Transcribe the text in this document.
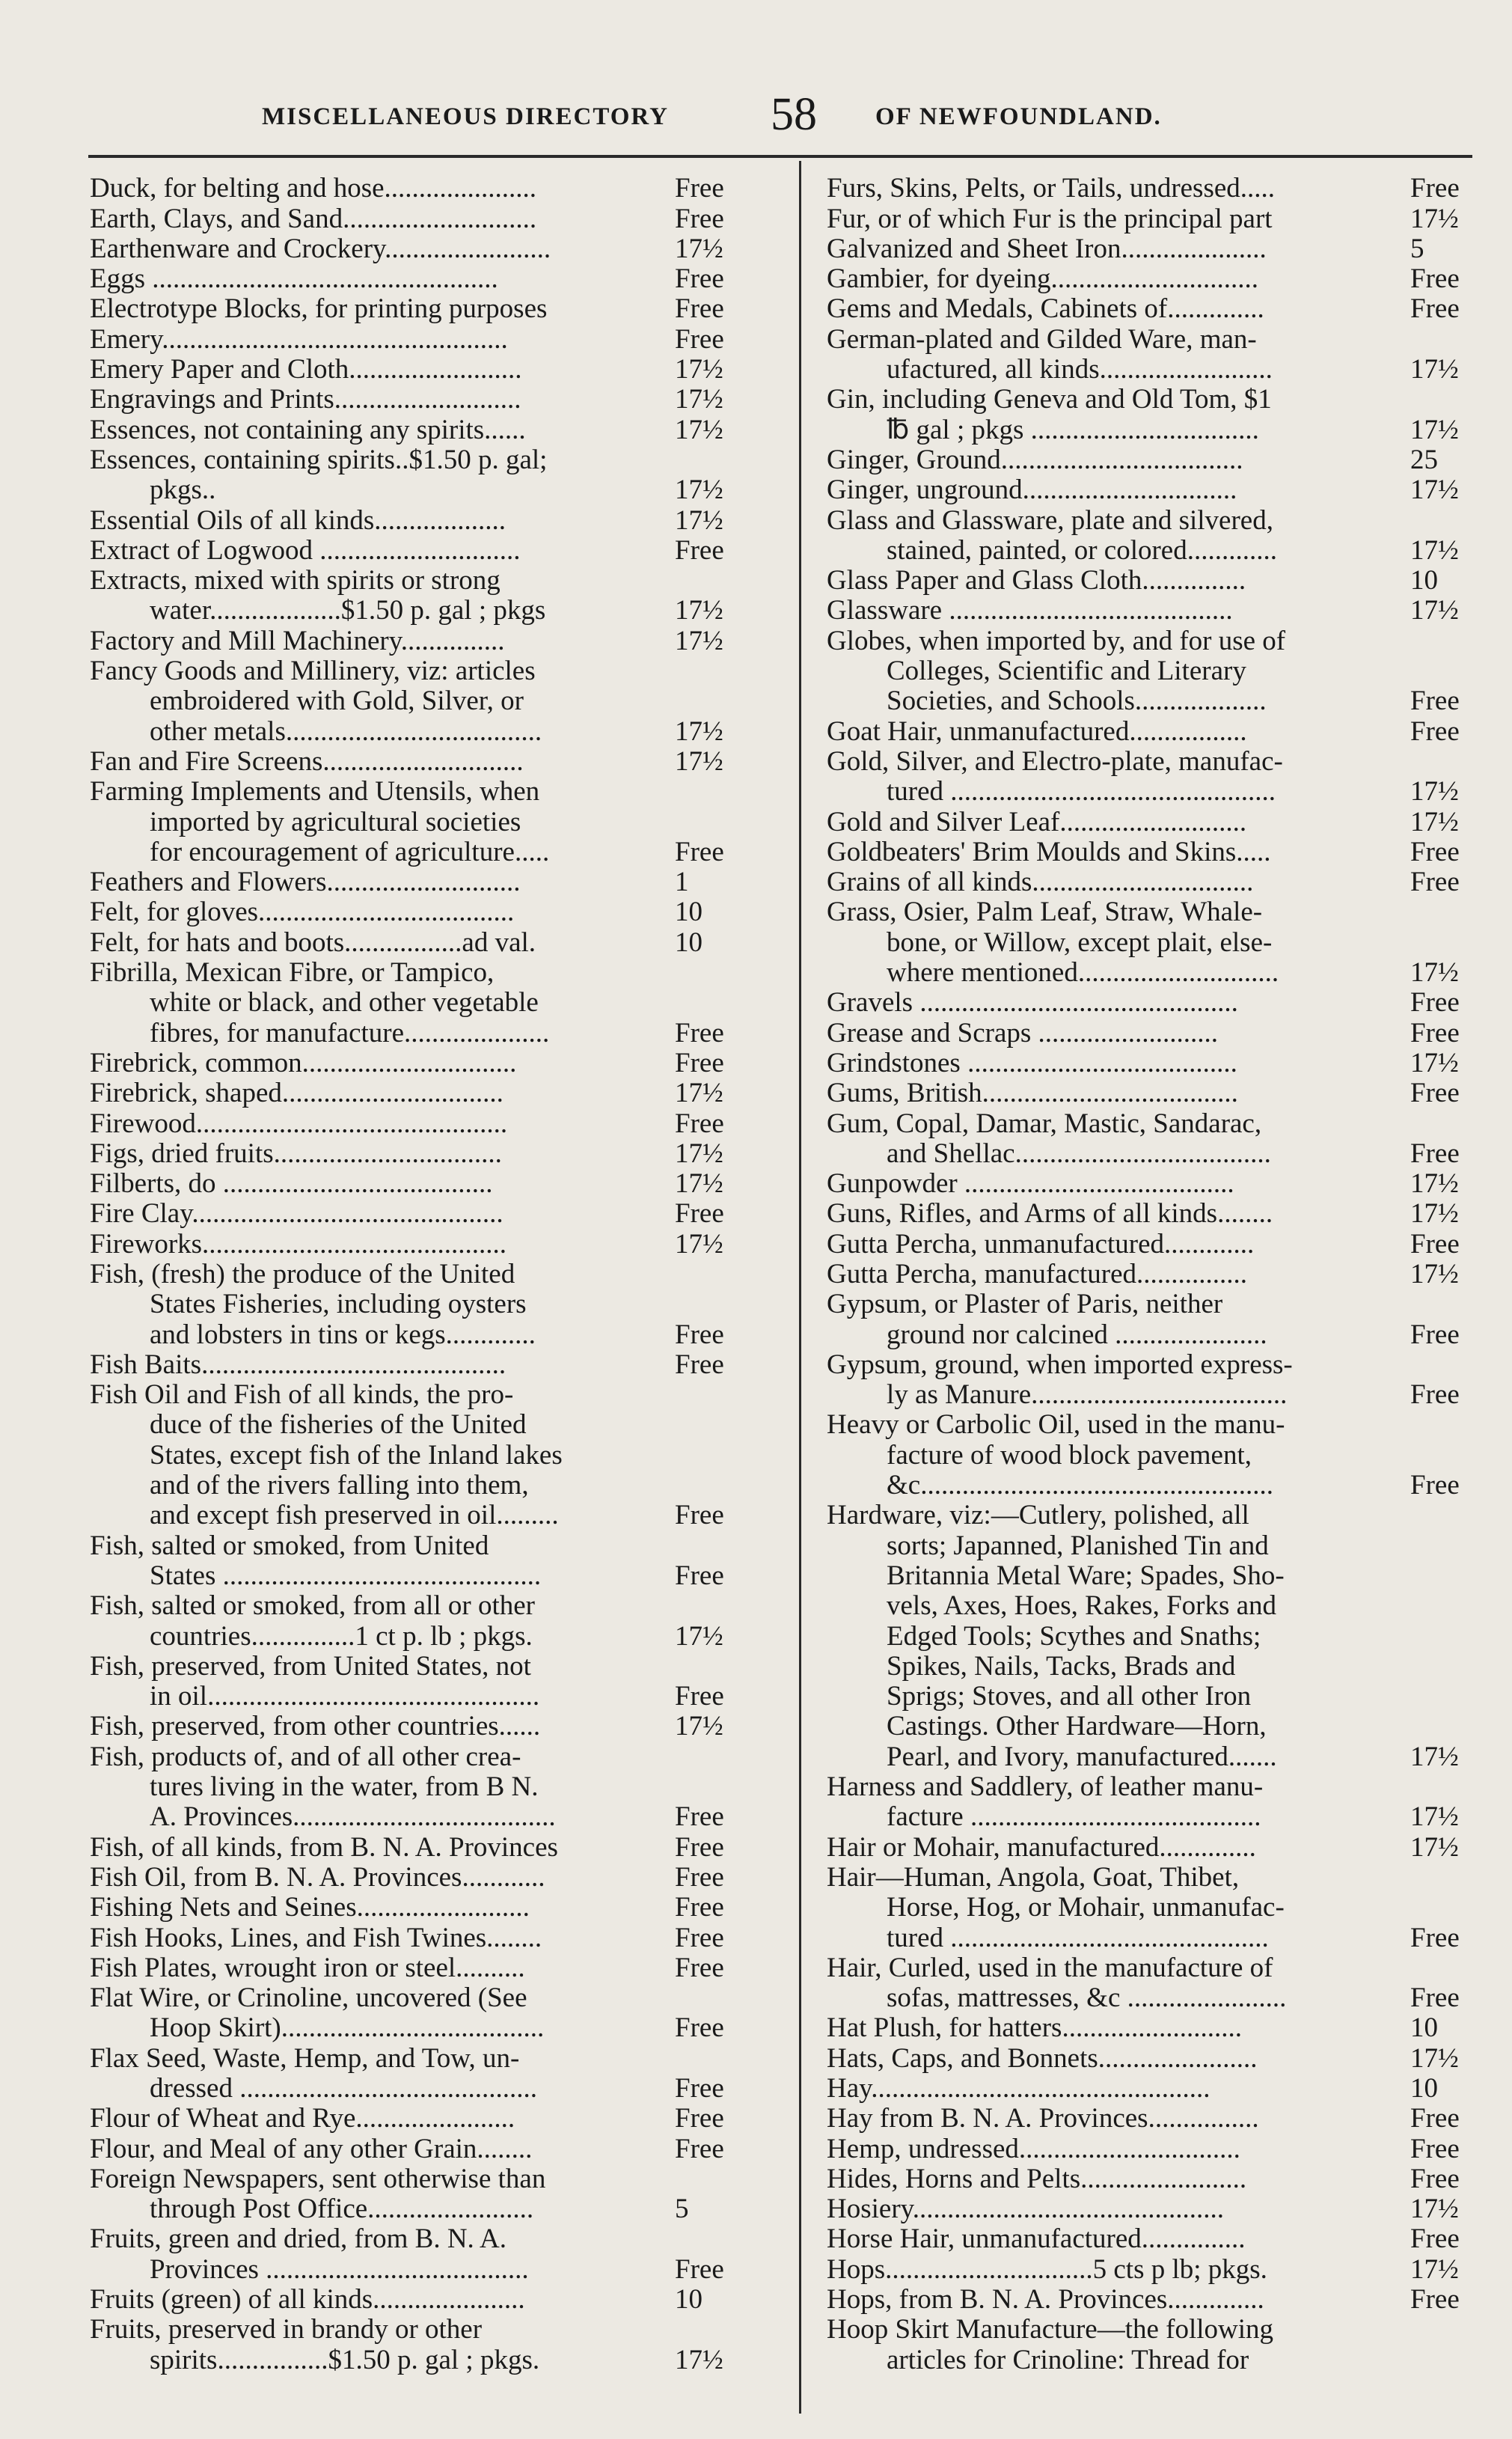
MISCELLANEOUS DIRECTORY 58 OF NEWFOUNDLAND.
Duck, for belting and hose......................	Free
Earth, Clays, and Sand............................	Free
Earthenware and Crockery........................	17½
Eggs ..................................................	Free
Electrotype Blocks, for printing purposes	Free
Emery..................................................	Free
Emery Paper and Cloth.........................	17½
Engravings and Prints...........................	17½
Essences, not containing any spirits......	17½
Essences, containing spirits..$1.50 p. gal;
pkgs..	17½
Essential Oils of all kinds...................	17½
Extract of Logwood .............................	Free
Extracts, mixed with spirits or strong
water...................$1.50 p. gal ; pkgs	17½
Factory and Mill Machinery...............	17½
Fancy Goods and Millinery, viz: articles
embroidered with Gold, Silver, or
other metals.....................................	17½
Fan and Fire Screens.............................	17½
Farming Implements and Utensils, when
imported by agricultural societies
for encouragement of agriculture.....	Free
Feathers and Flowers............................	1
Felt, for gloves.....................................	10
Felt, for hats and boots.................ad val.	10
Fibrilla, Mexican Fibre, or Tampico,
white or black, and other vegetable
fibres, for manufacture.....................	Free
Firebrick, common...............................	Free
Firebrick, shaped................................	17½
Firewood.............................................	Free
Figs, dried fruits.................................	17½
Filberts, do .......................................	17½
Fire Clay.............................................	Free
Fireworks............................................	17½
Fish, (fresh) the produce of the United
States Fisheries, including oysters
and lobsters in tins or kegs.............	Free
Fish Baits............................................	Free
Fish Oil and Fish of all kinds, the pro-
duce of the fisheries of the United
States, except fish of the Inland lakes
and of the rivers falling into them,
and except fish preserved in oil.........	Free
Fish, salted or smoked, from United
States ..............................................	Free
Fish, salted or smoked, from all or other
countries...............1 ct p. lb ; pkgs.	17½
Fish, preserved, from United States, not
in oil................................................	Free
Fish, preserved, from other countries......	17½
Fish, products of, and of all other crea-
tures living in the water, from B N.
A. Provinces......................................	Free
Fish, of all kinds, from B. N. A. Provinces	Free
Fish Oil, from B. N. A. Provinces............	Free
Fishing Nets and Seines.........................	Free
Fish Hooks, Lines, and Fish Twines........	Free
Fish Plates, wrought iron or steel..........	Free
Flat Wire, or Crinoline, uncovered (See
Hoop Skirt)......................................	Free
Flax Seed, Waste, Hemp, and Tow, un-
dressed ...........................................	Free
Flour of Wheat and Rye.......................	Free
Flour, and Meal of any other Grain........	Free
Foreign Newspapers, sent otherwise than
through Post Office........................	5
Fruits, green and dried, from B. N. A.
Provinces ......................................	Free
Fruits (green) of all kinds......................	10
Fruits, preserved in brandy or other
spirits................$1.50 p. gal ; pkgs.	17½
Furs, Skins, Pelts, or Tails, undressed.....	Free
Fur, or of which Fur is the principal part	17½
Galvanized and Sheet Iron.....................	5
Gambier, for dyeing..............................	Free
Gems and Medals, Cabinets of..............	Free
German-plated and Gilded Ware, man-
ufactured, all kinds.........................	17½
Gin, including Geneva and Old Tom, $1
℔ gal ; pkgs .................................	17½
Ginger, Ground...................................	25
Ginger, unground...............................	17½
Glass and Glassware, plate and silvered,
stained, painted, or colored.............	17½
Glass Paper and Glass Cloth...............	10
Glassware .........................................	17½
Globes, when imported by, and for use of
Colleges, Scientific and Literary
Societies, and Schools...................	Free
Goat Hair, unmanufactured.................	Free
Gold, Silver, and Electro-plate, manufac-
tured ...............................................	17½
Gold and Silver Leaf...........................	17½
Goldbeaters' Brim Moulds and Skins.....	Free
Grains of all kinds................................	Free
Grass, Osier, Palm Leaf, Straw, Whale-
bone, or Willow, except plait, else-
where mentioned.............................	17½
Gravels ..............................................	Free
Grease and Scraps ..........................	Free
Grindstones .......................................	17½
Gums, British.....................................	Free
Gum, Copal, Damar, Mastic, Sandarac,
and Shellac.....................................	Free
Gunpowder .......................................	17½
Guns, Rifles, and Arms of all kinds........	17½
Gutta Percha, unmanufactured.............	Free
Gutta Percha, manufactured................	17½
Gypsum, or Plaster of Paris, neither
ground nor calcined ......................	Free
Gypsum, ground, when imported express-
ly as Manure.....................................	Free
Heavy or Carbolic Oil, used in the manu-
facture of wood block pavement,
&c...................................................	Free
Hardware, viz:—Cutlery, polished, all
sorts; Japanned, Planished Tin and
Britannia Metal Ware; Spades, Sho-
vels, Axes, Hoes, Rakes, Forks and
Edged Tools; Scythes and Snaths;
Spikes, Nails, Tacks, Brads and
Sprigs; Stoves, and all other Iron
Castings. Other Hardware—Horn,
Pearl, and Ivory, manufactured.......	17½
Harness and Saddlery, of leather manu-
facture ..........................................	17½
Hair or Mohair, manufactured..............	17½
Hair—Human, Angola, Goat, Thibet,
Horse, Hog, or Mohair, unmanufac-
tured ..............................................	Free
Hair, Curled, used in the manufacture of
sofas, mattresses, &c .......................	Free
Hat Plush, for hatters..........................	10
Hats, Caps, and Bonnets.......................	17½
Hay.................................................	10
Hay from B. N. A. Provinces................	Free
Hemp, undressed................................	Free
Hides, Horns and Pelts........................	Free
Hosiery.............................................	17½
Horse Hair, unmanufactured...............	Free
Hops..............................5 cts p lb; pkgs.	17½
Hops, from B. N. A. Provinces..............	Free
Hoop Skirt Manufacture—the following
articles for Crinoline: Thread for
